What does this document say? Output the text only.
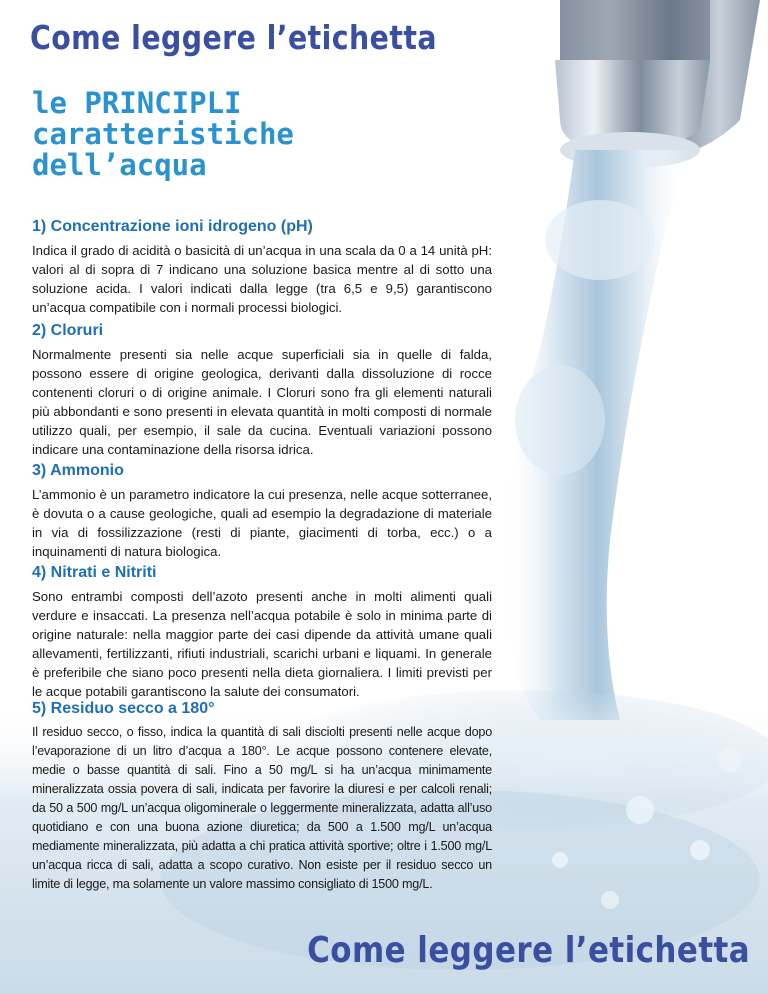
Come leggere l’etichetta
le PRINCIPLI
caratteristiche
dell’acqua
1) Concentrazione ioni idrogeno (pH)

Indica il grado di acidità o basicità di un’acqua in una scala da 0 a 14 unità pH: valori al di sopra di 7 indicano una soluzione basica mentre al di sotto una soluzione acida. I valori indicati dalla legge (tra 6,5 e 9,5) garantiscono un’acqua compatibile con i normali processi biologici.

2) Cloruri

Normalmente presenti sia nelle acque superficiali sia in quelle di falda, possono essere di origine geologica, derivanti dalla dissoluzione di rocce contenenti cloruri o di origine animale. I Cloruri sono fra gli elementi naturali più abbondanti e sono presenti in elevata quantità in molti composti di normale utilizzo quali, per esempio, il sale da cucina. Eventuali variazioni possono indicare una contaminazione della risorsa idrica.

3) Ammonio

L’ammonio è un parametro indicatore la cui presenza, nelle acque sotterranee, è dovuta o a cause geologiche, quali ad esempio la degradazione di materiale in via di fossilizzazione (resti di piante, giacimenti di torba, ecc.) o a inquinamenti di natura biologica.

4) Nitrati e Nitriti

Sono entrambi composti dell’azoto presenti anche in molti alimenti quali verdure e insaccati. La presenza nell’acqua potabile è solo in minima parte di origine naturale: nella maggior parte dei casi dipende da attività umane quali allevamenti, fertilizzanti, rifiuti industriali, scarichi urbani e liquami. In generale è preferibile che siano poco presenti nella dieta giornaliera. I limiti previsti per le acque potabili garantiscono la salute dei consumatori.

5) Residuo secco a 180°

Il residuo secco, o fisso, indica la quantità di sali disciolti presenti nelle acque dopo l’evaporazione di un litro d’acqua a 180°. Le acque possono contenere elevate, medie o basse quantità di sali. Fino a 50 mg/L si ha un’acqua minimamente mineralizzata ossia povera di sali, indicata per favorire la diuresi e per calcoli renali; da 50 a 500 mg/L un’acqua oligominerale o leggermente mineralizzata, adatta all’uso quotidiano e con una buona azione diuretica; da 500 a 1.500 mg/L un’acqua mediamente mineralizzata, più adatta a chi pratica attività sportive; oltre i 1.500 mg/L un’acqua ricca di sali, adatta a scopo curativo. Non esiste per il residuo secco un limite di legge, ma solamente un valore massimo consigliato di 1500 mg/L.

Come leggere l’etichetta
